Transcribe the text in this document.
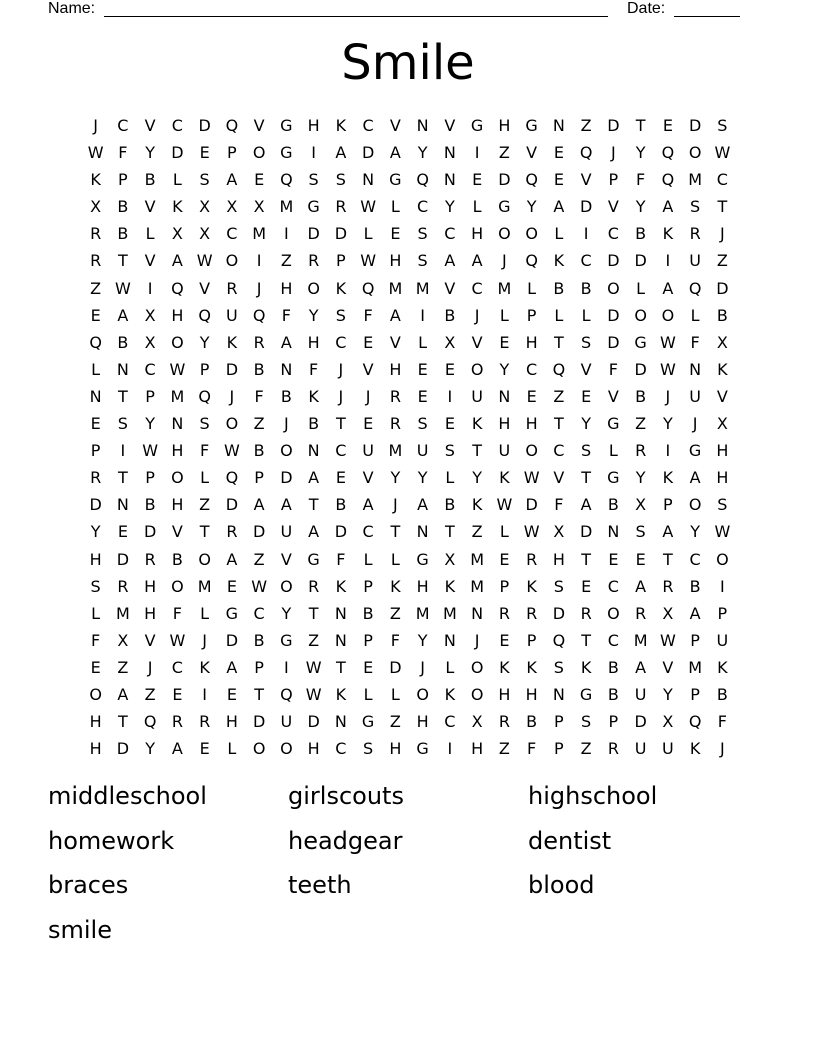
Name:	Date:
Smile
J	C	V	C D Q V G H K	C	V N V G H G N Z D	T	E	D	S
W F	Y	D	E	P	O G	I	A D A	Y	N	I	Z	V	E Q	J	Y	Q O W
K	P	B	L	S	A	E Q S	S	N G Q N	E	D Q E	V	P	F	Q M C
X	B	V	K	X	X	X M G R W L	C	Y	L	G	Y	A D V	Y	A	S	T
R	B	L	X	X	C M	I	D D	L	E	S	C H O O	L	I	C	B	K	R	J
R	T	V	A W O	I	Z	R	P W H	S	A	A	J	Q K	C D D	I	U Z
Z W	I	Q V	R	J	H O K Q M M V	C M L	B	B O	L	A Q D
E	A	X H Q U Q	F	Y	S	F	A	I	B	J	L	P	L	L	D O O	L	B
Q B	X O	Y	K	R	A H C	E	V	L	X	V	E	H	T	S	D G W F	X
L	N C W P	D B N	F	J	V H	E	E O	Y	C Q V	F	D W N	K
N	T	P M Q	J	F	B	K	J	J	R	E	I	U N	E	Z	E	V	B	J	U V
E	S	Y	N	S O Z	J	B	T	E	R	S	E	K H H	T	Y	G Z	Y	J	X
P	I	W H	F W B O N C U M U	S	T	U O C	S	L	R	I	G H
R	T	P	O	L	Q	P	D A	E	V	Y	Y	L	Y	K W V	T	G	Y	K	A H
D N B H Z D A	A	T	B	A	J	A	B	K W D	F	A	B	X	P	O S
Y	E	D V	T	R D U A D C	T	N	T	Z	L W X D N	S	A	Y W
H D R	B O A	Z	V G	F	L	L	G X M E	R H	T	E	E	T	C O
S	R H O M E W O R	K	P	K H K M P	K	S	E	C	A	R	B	I
L M H	F	L	G C	Y	T	N B	Z M M N R	R D R O R	X	A	P
F	X	V W	J	D B G Z N	P	F	Y	N	J	E	P	Q	T	C M W P	U
E	Z	J	C	K	A	P	I	W T	E	D	J	L	O K	K	S	K	B	A	V M K
O A	Z	E	I	E	T	Q W K	L	L	O K O H H N G B U	Y	P	B
H	T	Q R	R H D U D N G Z H C	X	R	B	P	S	P	D X Q	F
H D	Y	A	E	L	O O H C	S	H G	I	H Z	F	P	Z	R U U	K	J
middleschool	girlscouts	highschool
homework	headgear	dentist
braces	teeth	blood
smile
